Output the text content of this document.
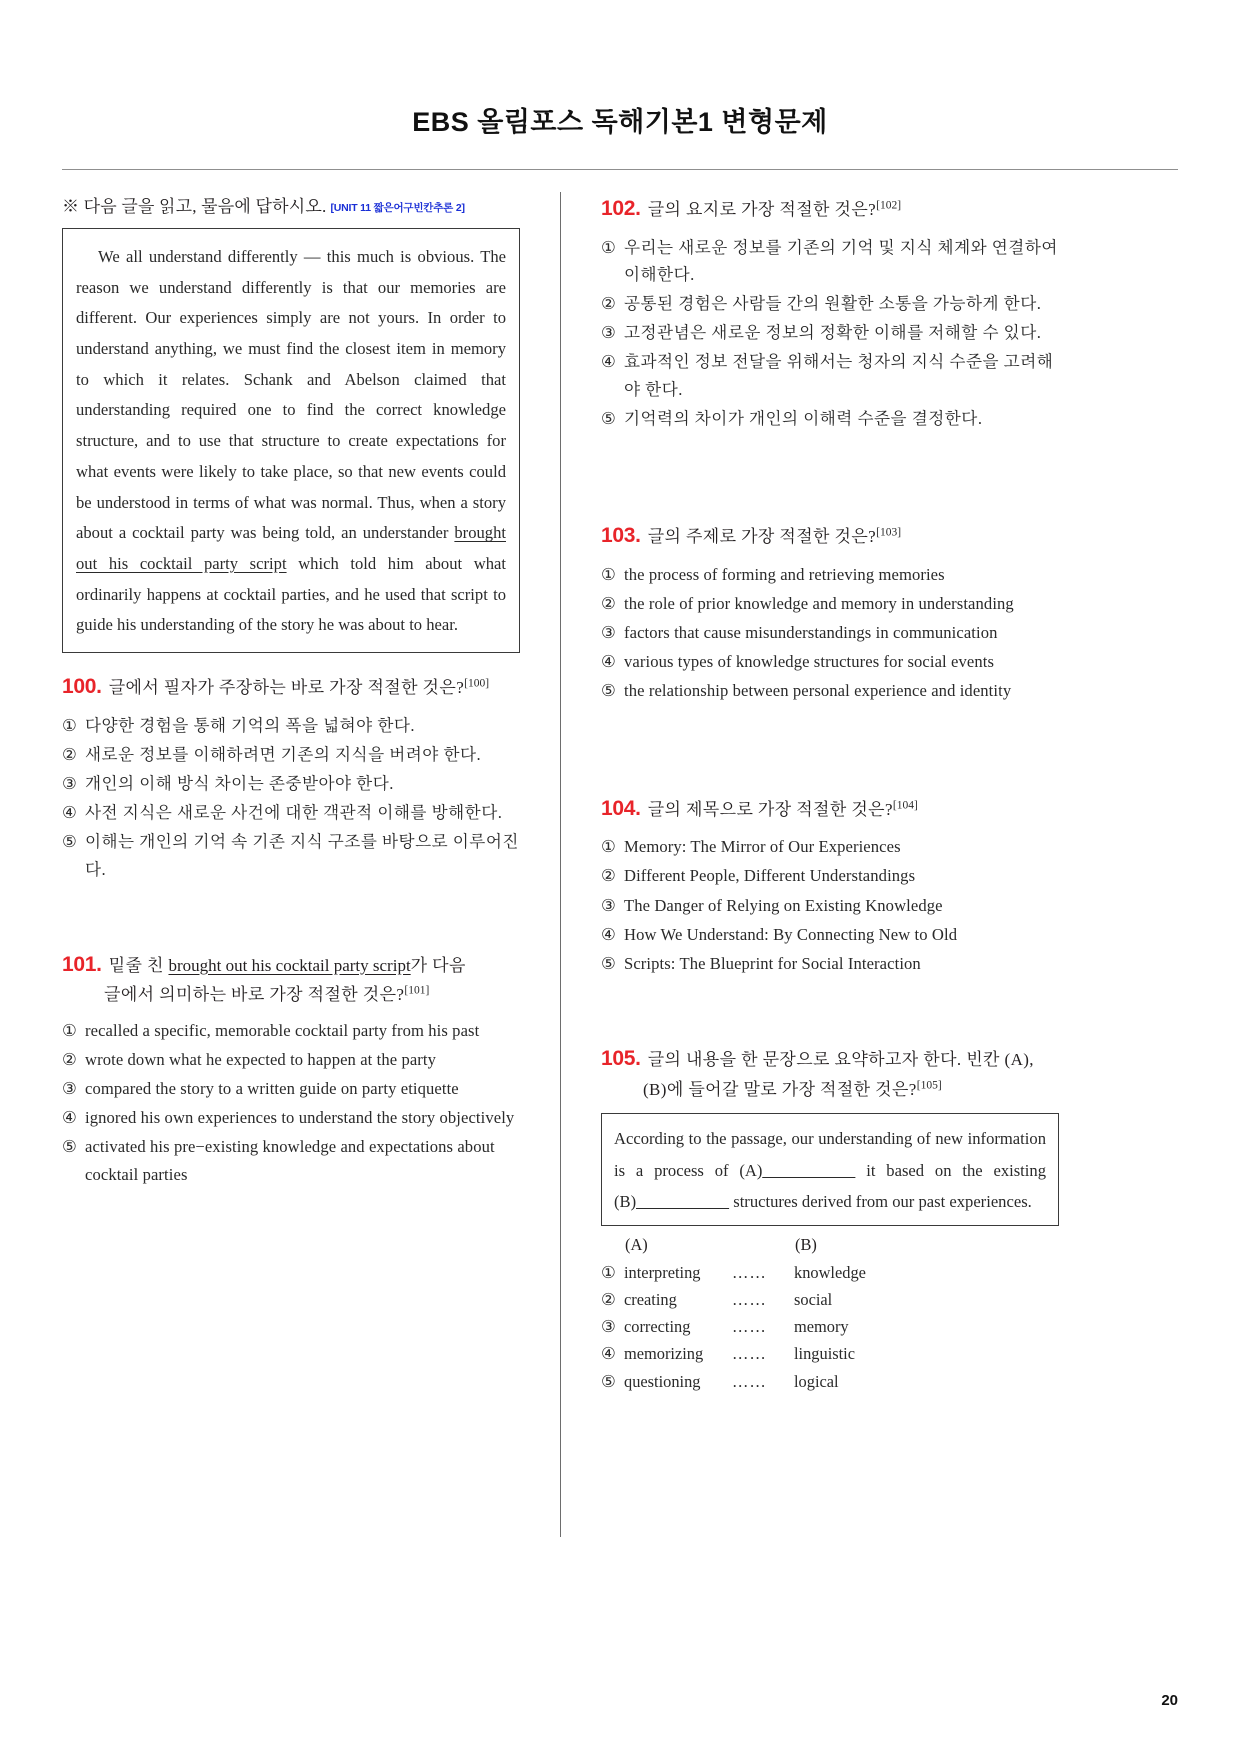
EBS 올림포스 독해기본1 변형문제
※ 다음 글을 읽고, 물음에 답하시오. [UNIT 11 짧은어구빈칸추론 2]

We all understand differently — this much is obvious. The reason we understand differently is that our memories are different. Our experiences simply are not yours. In order to understand anything, we must find the closest item in memory to which it relates. Schank and Abelson claimed that understanding required one to find the correct knowledge structure, and to use that structure to create expectations for what events were likely to take place, so that new events could be understood in terms of what was normal. Thus, when a story about a cocktail party was being told, an understander brought out his cocktail party script which told him about what ordinarily happens at cocktail parties, and he used that script to guide his understanding of the story he was about to hear.

100. 글에서 필자가 주장하는 바로 가장 적절한 것은?[100]
① 다양한 경험을 통해 기억의 폭을 넓혀야 한다.
② 새로운 정보를 이해하려면 기존의 지식을 버려야 한다.
③ 개인의 이해 방식 차이는 존중받아야 한다.
④ 사전 지식은 새로운 사건에 대한 객관적 이해를 방해한다.
⑤ 이해는 개인의 기억 속 기존 지식 구조를 바탕으로 이루어진다.
101. 밑줄 친 brought out his cocktail party script가 다음
글에서 의미하는 바로 가장 적절한 것은?[101]
① recalled a specific, memorable cocktail party from his past
② wrote down what he expected to happen at the party
③ compared the story to a written guide on party etiquette
④ ignored his own experiences to understand the story objectively
⑤ activated his pre−existing knowledge and expectations about cocktail parties
102. 글의 요지로 가장 적절한 것은?[102]
① 우리는 새로운 정보를 기존의 기억 및 지식 체계와 연결하여 이해한다.
② 공통된 경험은 사람들 간의 원활한 소통을 가능하게 한다.
③ 고정관념은 새로운 정보의 정확한 이해를 저해할 수 있다.
④ 효과적인 정보 전달을 위해서는 청자의 지식 수준을 고려해야 한다.
⑤ 기억력의 차이가 개인의 이해력 수준을 결정한다.
103. 글의 주제로 가장 적절한 것은?[103]
① the process of forming and retrieving memories
② the role of prior knowledge and memory in understanding
③ factors that cause misunderstandings in communication
④ various types of knowledge structures for social events
⑤ the relationship between personal experience and identity
104. 글의 제목으로 가장 적절한 것은?[104]
① Memory: The Mirror of Our Experiences
② Different People, Different Understandings
③ The Danger of Relying on Existing Knowledge
④ How We Understand: By Connecting New to Old
⑤ Scripts: The Blueprint for Social Interaction
105. 글의 내용을 한 문장으로 요약하고자 한다. 빈칸 (A),
(B)에 들어갈 말로 가장 적절한 것은?[105]

According to the passage, our understanding of new information is a process of (A)__________ it based on the existing (B)__________ structures derived from our past experiences.

(A)	(B)
① interpreting	……	knowledge
② creating	……	social
③ correcting	……	memory
④ memorizing	……	linguistic
⑤ questioning	……	logical
20
